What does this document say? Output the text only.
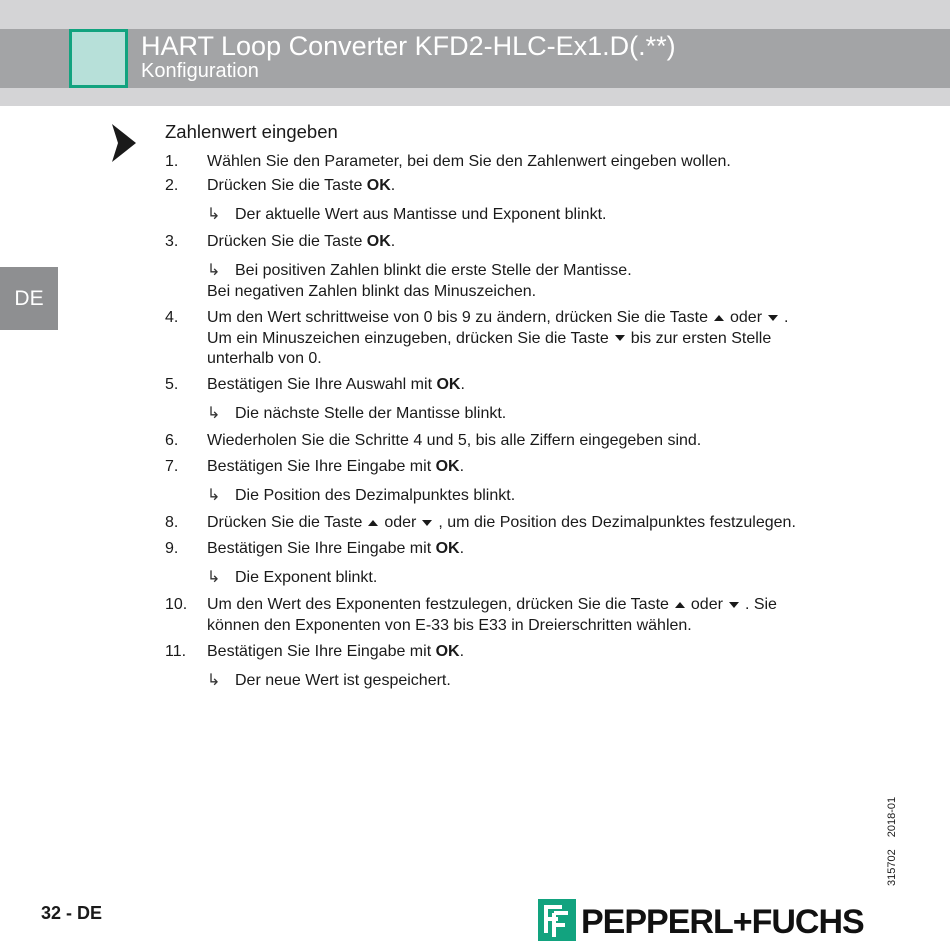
HART Loop Converter KFD2-HLC-Ex1.D(.**)
Konfiguration
DE
Zahlenwert eingeben
1. Wählen Sie den Parameter, bei dem Sie den Zahlenwert eingeben wollen.
2. Drücken Sie die Taste OK.
↳ Der aktuelle Wert aus Mantisse und Exponent blinkt.
3. Drücken Sie die Taste OK.
↳ Bei positiven Zahlen blinkt die erste Stelle der Mantisse.
Bei negativen Zahlen blinkt das Minuszeichen.
4. Um den Wert schrittweise von 0 bis 9 zu ändern, drücken Sie die Taste oder .
Um ein Minuszeichen einzugeben, drücken Sie die Taste bis zur ersten Stelle
unterhalb von 0.
5. Bestätigen Sie Ihre Auswahl mit OK.
↳ Die nächste Stelle der Mantisse blinkt.
6. Wiederholen Sie die Schritte 4 und 5, bis alle Ziffern eingegeben sind.
7. Bestätigen Sie Ihre Eingabe mit OK.
↳ Die Position des Dezimalpunktes blinkt.
8. Drücken Sie die Taste oder , um die Position des Dezimalpunktes festzulegen.
9. Bestätigen Sie Ihre Eingabe mit OK.
↳ Die Exponent blinkt.
10. Um den Wert des Exponenten festzulegen, drücken Sie die Taste oder . Sie
können den Exponenten von E-33 bis E33 in Dreierschritten wählen.
11. Bestätigen Sie Ihre Eingabe mit OK.
↳ Der neue Wert ist gespeichert.
3157022018-01
32 - DE	PEPPERL+FUCHS
